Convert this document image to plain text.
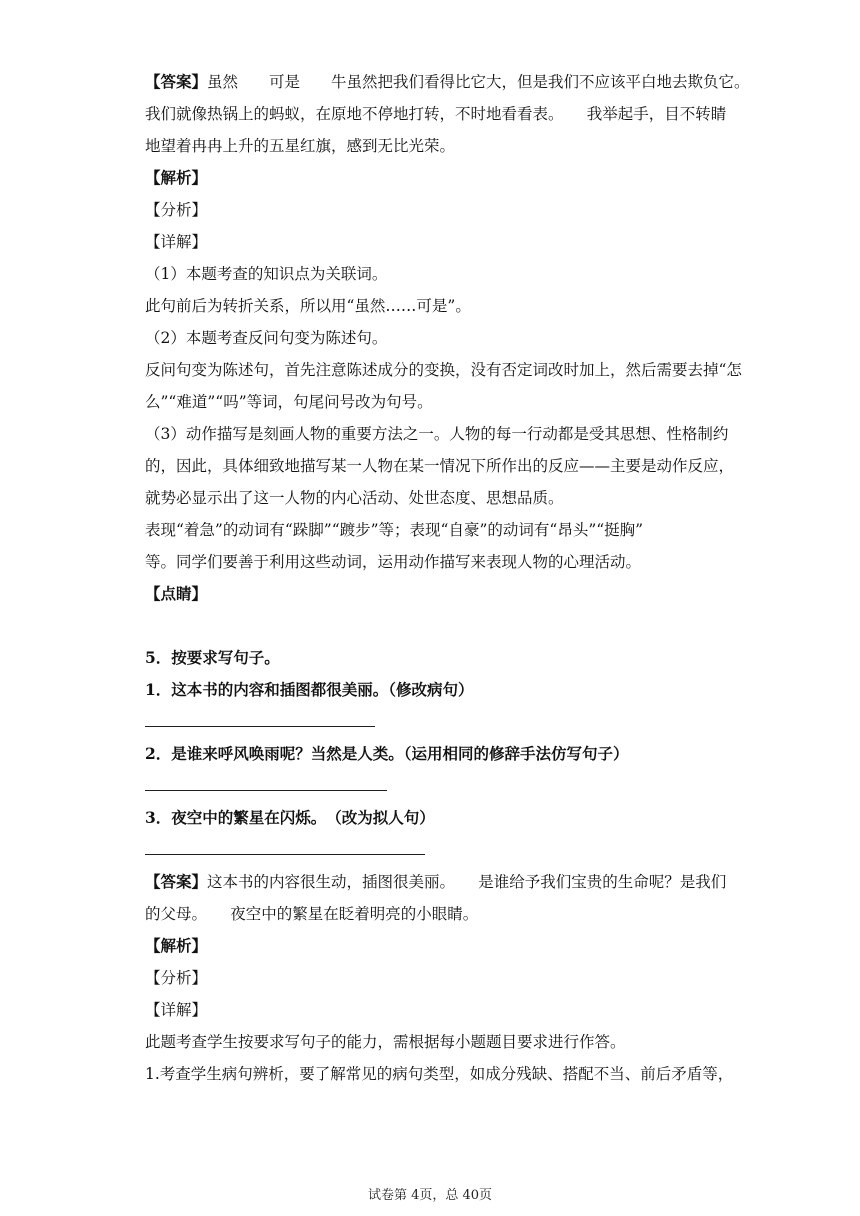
【答案】虽然　　可是　　牛虽然把我们看得比它大，但是我们不应该平白地去欺负它。
我们就像热锅上的蚂蚁，在原地不停地打转，不时地看看表。　　我举起手，目不转睛
地望着冉冉上升的五星红旗，感到无比光荣。
【解析】
【分析】
【详解】
（1）本题考查的知识点为关联词。
此句前后为转折关系，所以用“虽然……可是”。
（2）本题考查反问句变为陈述句。
反问句变为陈述句，首先注意陈述成分的变换，没有否定词改时加上，然后需要去掉“怎
么”“难道”“吗”等词，句尾问号改为句号。
（3）动作描写是刻画人物的重要方法之一。人物的每一行动都是受其思想、性格制约
的，因此，具体细致地描写某一人物在某一情况下所作出的反应——主要是动作反应，
就势必显示出了这一人物的内心活动、处世态度、思想品质。
表现“着急”的动词有“跺脚”“踱步”等；表现“自豪”的动词有“昂头”“挺胸”
等。同学们要善于利用这些动词，运用动作描写来表现人物的心理活动。
【点睛】
5．按要求写句子。
1．这本书的内容和插图都很美丽。（修改病句）
2．是谁来呼风唤雨呢？当然是人类。（运用相同的修辞手法仿写句子）
3．夜空中的繁星在闪烁。　（改为拟人句）
【答案】这本书的内容很生动，插图很美丽。　　是谁给予我们宝贵的生命呢？是我们
的父母。　　夜空中的繁星在眨着明亮的小眼睛。
【解析】
【分析】
【详解】
此题考查学生按要求写句子的能力，需根据每小题题目要求进行作答。
1.考查学生病句辨析，要了解常见的病句类型，如成分残缺、搭配不当、前后矛盾等，
试卷第 4页，总 40页
